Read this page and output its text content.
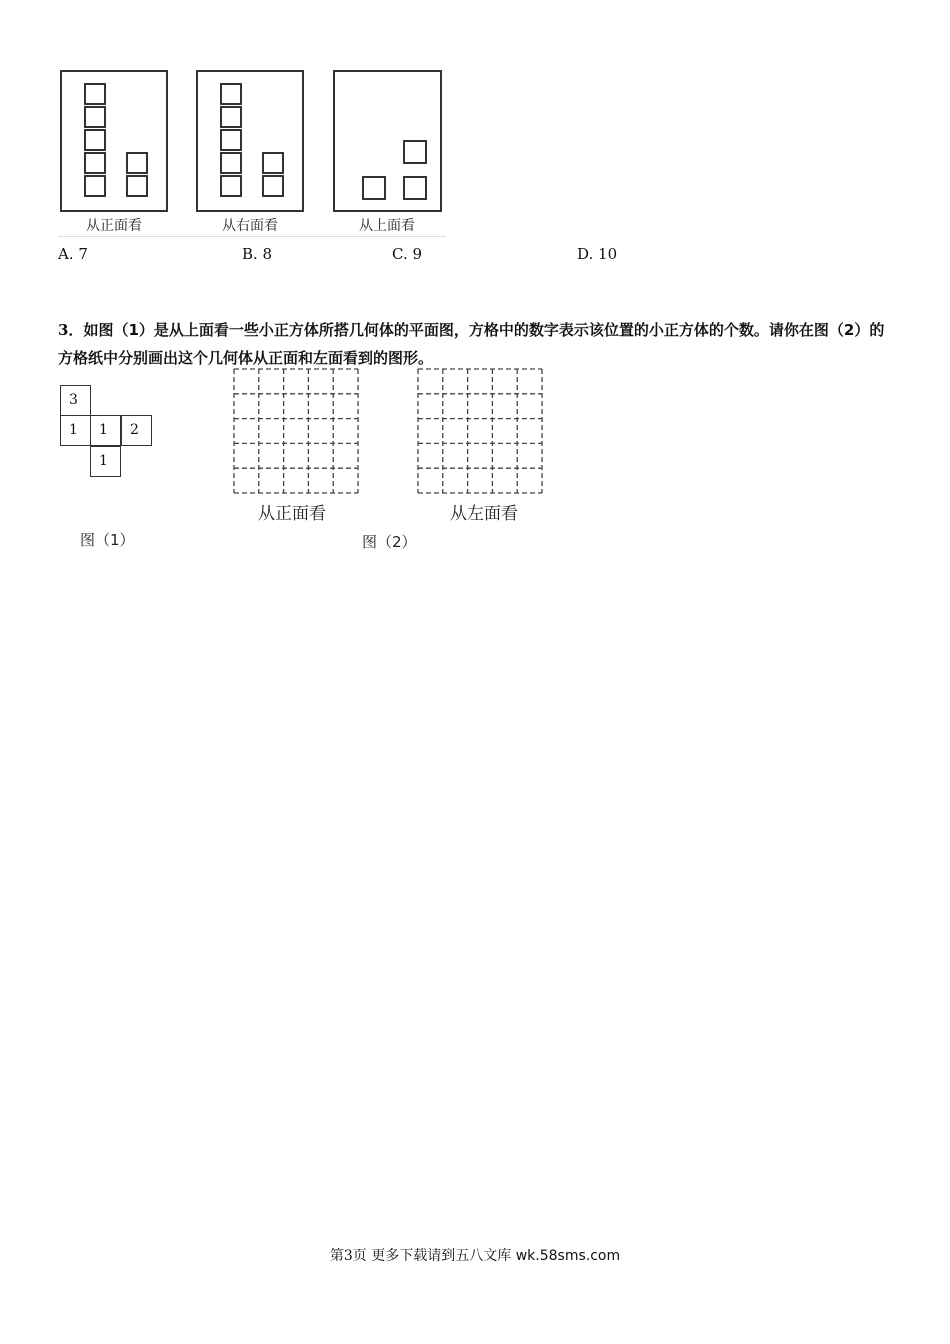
从正面看	从右面看	从上面看
A. 7	B. 8	C. 9	D. 10
3．如图（1）是从上面看一些小正方体所搭几何体的平面图，方格中的数字表示该位置的小正方体的个数。请你在图（2）的方格纸中分别画出这个几何体从正面和左面看到的图形。
3
1 1 2
1
从正面看	从左面看
图（1）	图（2）
第3页 更多下载请到五八文库 wk.58sms.com
